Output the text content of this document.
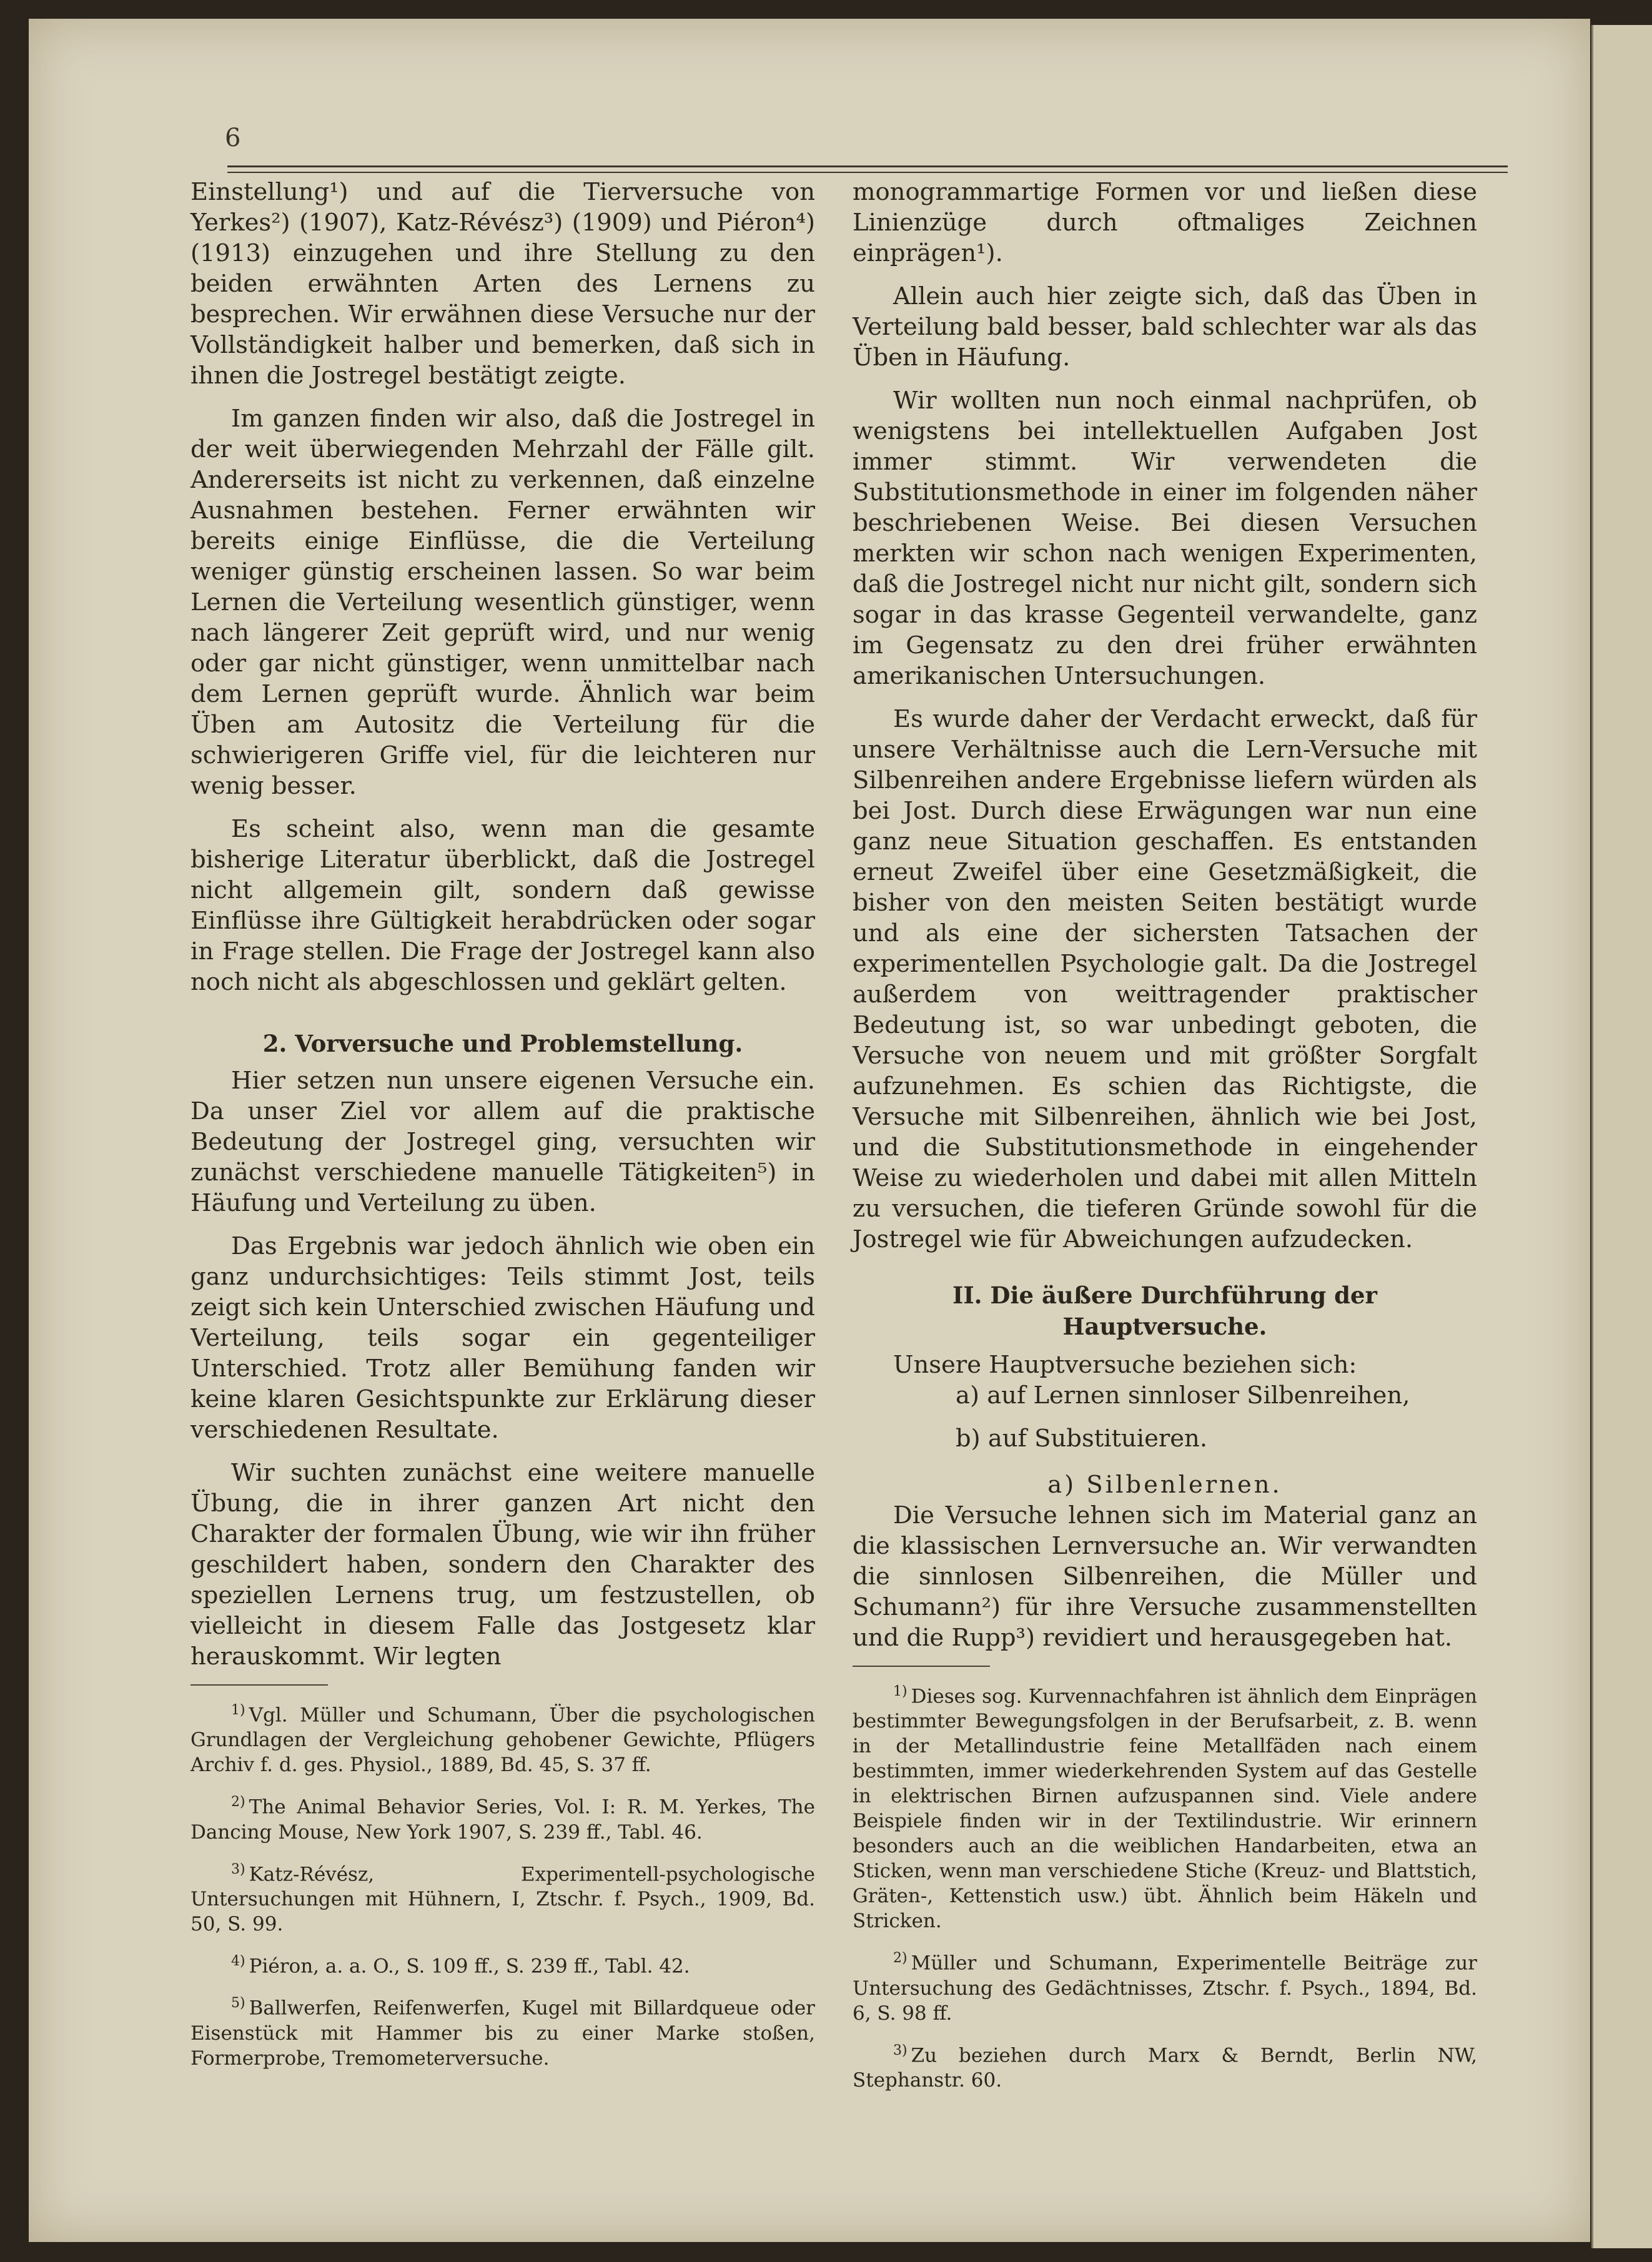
6

Einstellung¹) und auf die Tierversuche von Yerkes²) (1907), Katz-Révész³) (1909) und Piéron⁴) (1913) einzugehen und ihre Stellung zu den beiden erwähnten Arten des Lernens zu besprechen. Wir erwähnen diese Versuche nur der Vollständigkeit halber und bemerken, daß sich in ihnen die Jostregel bestätigt zeigte.

Im ganzen finden wir also, daß die Jostregel in der weit überwiegenden Mehrzahl der Fälle gilt. Andererseits ist nicht zu verkennen, daß einzelne Ausnahmen bestehen. Ferner erwähnten wir bereits einige Einflüsse, die die Verteilung weniger günstig erscheinen lassen. So war beim Lernen die Verteilung wesentlich günstiger, wenn nach längerer Zeit geprüft wird, und nur wenig oder gar nicht günstiger, wenn unmittelbar nach dem Lernen geprüft wurde. Ähnlich war beim Üben am Autositz die Verteilung für die schwierigeren Griffe viel, für die leichteren nur wenig besser.

Es scheint also, wenn man die gesamte bisherige Literatur überblickt, daß die Jostregel nicht allgemein gilt, sondern daß gewisse Einflüsse ihre Gültigkeit herabdrücken oder sogar in Frage stellen. Die Frage der Jostregel kann also noch nicht als abgeschlossen und geklärt gelten.

2. Vorversuche und Problemstellung.

Hier setzen nun unsere eigenen Versuche ein. Da unser Ziel vor allem auf die praktische Bedeutung der Jostregel ging, versuchten wir zunächst verschiedene manuelle Tätigkeiten⁵) in Häufung und Verteilung zu üben.

Das Ergebnis war jedoch ähnlich wie oben ein ganz undurchsichtiges: Teils stimmt Jost, teils zeigt sich kein Unterschied zwischen Häufung und Verteilung, teils sogar ein gegenteiliger Unterschied. Trotz aller Bemühung fanden wir keine klaren Gesichtspunkte zur Erklärung dieser verschiedenen Resultate.

Wir suchten zunächst eine weitere manuelle Übung, die in ihrer ganzen Art nicht den Charakter der formalen Übung, wie wir ihn früher geschildert haben, sondern den Charakter des speziellen Lernens trug, um festzustellen, ob vielleicht in diesem Falle das Jostgesetz klar herauskommt. Wir legten

$^{1)}$ Vgl. Müller und Schumann, Über die psychologischen Grundlagen der Vergleichung gehobener Gewichte, Pflügers Archiv f. d. ges. Physiol., 1889, Bd. 45, S. 37 ff.

$^{2)}$ The Animal Behavior Series, Vol. I: R. M. Yerkes, The Dancing Mouse, New York 1907, S. 239 ff., Tabl. 46.

$^{3)}$ Katz-Révész, Experimentell-psychologische Untersuchungen mit Hühnern, I, Ztschr. f. Psych., 1909, Bd. 50, S. 99.

$^{4)}$ Piéron, a. a. O., S. 109 ff., S. 239 ff., Tabl. 42.

$^{5)}$ Ballwerfen, Reifenwerfen, Kugel mit Billardqueue oder Eisenstück mit Hammer bis zu einer Marke stoßen, Formerprobe, Tremometerversuche.

monogrammartige Formen vor und ließen diese Linienzüge durch oftmaliges Zeichnen einprägen¹).

Allein auch hier zeigte sich, daß das Üben in Verteilung bald besser, bald schlechter war als das Üben in Häufung.

Wir wollten nun noch einmal nachprüfen, ob wenigstens bei intellektuellen Aufgaben Jost immer stimmt. Wir verwendeten die Substitutionsmethode in einer im folgenden näher beschriebenen Weise. Bei diesen Versuchen merkten wir schon nach wenigen Experimenten, daß die Jostregel nicht nur nicht gilt, sondern sich sogar in das krasse Gegenteil verwandelte, ganz im Gegensatz zu den drei früher erwähnten amerikanischen Untersuchungen.

Es wurde daher der Verdacht erweckt, daß für unsere Verhältnisse auch die Lern-Versuche mit Silbenreihen andere Ergebnisse liefern würden als bei Jost. Durch diese Erwägungen war nun eine ganz neue Situation geschaffen. Es entstanden erneut Zweifel über eine Gesetzmäßigkeit, die bisher von den meisten Seiten bestätigt wurde und als eine der sichersten Tatsachen der experimentellen Psychologie galt. Da die Jostregel außerdem von weittragender praktischer Bedeutung ist, so war unbedingt geboten, die Versuche von neuem und mit größter Sorgfalt aufzunehmen. Es schien das Richtigste, die Versuche mit Silbenreihen, ähnlich wie bei Jost, und die Substitutionsmethode in eingehender Weise zu wiederholen und dabei mit allen Mitteln zu versuchen, die tieferen Gründe sowohl für die Jostregel wie für Abweichungen aufzudecken.

II. Die äußere Durchführung der
Hauptversuche.

Unsere Hauptversuche beziehen sich:

a) auf Lernen sinnloser Silbenreihen,

b) auf Substituieren.

a) Silbenlernen.

Die Versuche lehnen sich im Material ganz an die klassischen Lernversuche an. Wir verwandten die sinnlosen Silbenreihen, die Müller und Schumann²) für ihre Versuche zusammenstellten und die Rupp³) revidiert und herausgegeben hat.

$^{1)}$ Dieses sog. Kurvennachfahren ist ähnlich dem Einprägen bestimmter Bewegungsfolgen in der Berufsarbeit, z. B. wenn in der Metallindustrie feine Metallfäden nach einem bestimmten, immer wiederkehrenden System auf das Gestelle in elektrischen Birnen aufzuspannen sind. Viele andere Beispiele finden wir in der Textilindustrie. Wir erinnern besonders auch an die weiblichen Handarbeiten, etwa an Sticken, wenn man verschiedene Stiche (Kreuz- und Blattstich, Gräten-, Kettenstich usw.) übt. Ähnlich beim Häkeln und Stricken.

$^{2)}$ Müller und Schumann, Experimentelle Beiträge zur Untersuchung des Gedächtnisses, Ztschr. f. Psych., 1894, Bd. 6, S. 98 ff.

$^{3)}$ Zu beziehen durch Marx & Berndt, Berlin NW, Stephanstr. 60.
